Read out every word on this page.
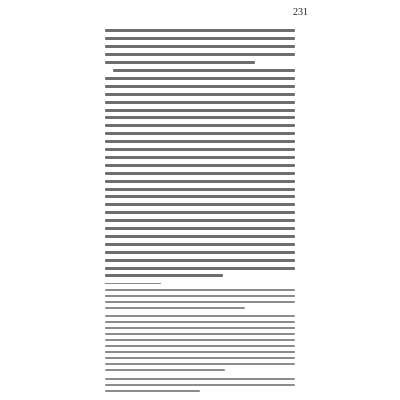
231
